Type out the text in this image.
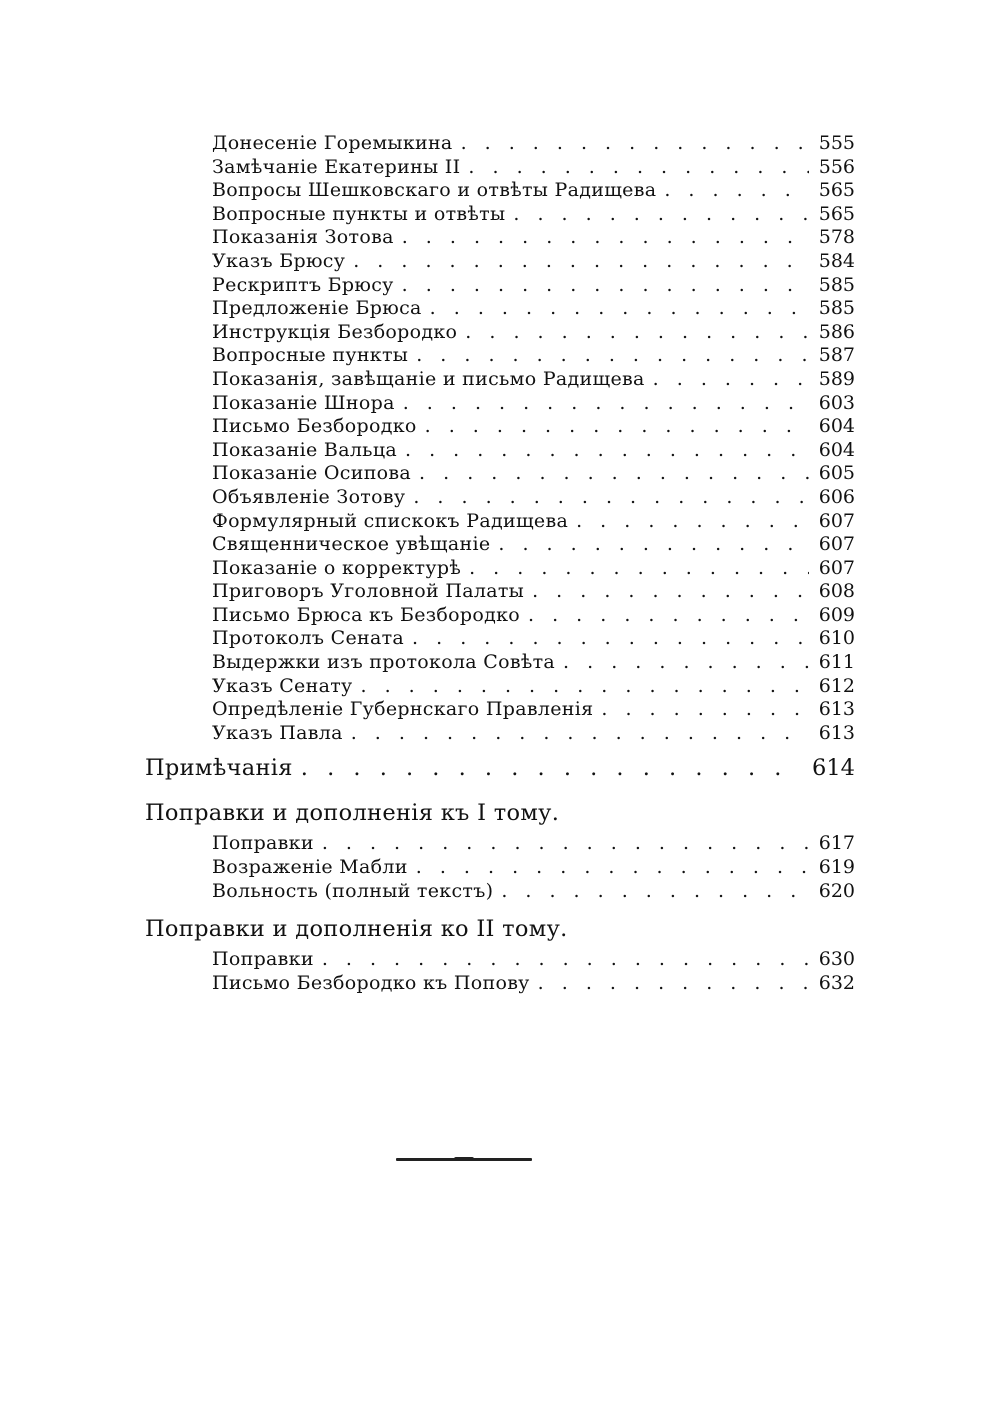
Донесеніе Горемыкина . . .	555
Замѣчаніе Екатерины II . . .	556
Вопросы Шешковскаго и отвѣты Радищева . . .	565
Вопросные пункты и отвѣты . . .	565
Показанія Зотова . . .	578
Указъ Брюсу . . .	584
Рескриптъ Брюсу . . .	585
Предложеніе Брюса . . .	585
Инструкція Безбородко . . .	586
Вопросные пункты . . .	587
Показанія, завѣщаніе и письмо Радищева . . .	589
Показаніе Шнора . . .	603
Письмо Безбородко . . .	604
Показаніе Вальца . . .	604
Показаніе Осипова . . .	605
Объявленіе Зотову . . .	606
Формулярный спискокъ Радищева . . .	607
Священническое увѣщаніе . . .	607
Показаніе о корректурѣ . . .	607
Приговоръ Уголовной Палаты . . .	608
Письмо Брюса къ Безбородко . . .	609
Протоколъ Сената . . .	610
Выдержки изъ протокола Совѣта . . .	611
Указъ Сенату . . .	612
Опредѣленіе Губернскаго Правленія . . .	613
Указъ Павла . . .	613
Примѣчанія . . .	614
Поправки и дополненія къ I тому.
Поправки . . .	617
Возраженіе Мабли . . .	619
Вольность (полный текстъ) . . .	620
Поправки и дополненія ко II тому.
Поправки . . .	630
Письмо Безбородко къ Попову . . .	632
